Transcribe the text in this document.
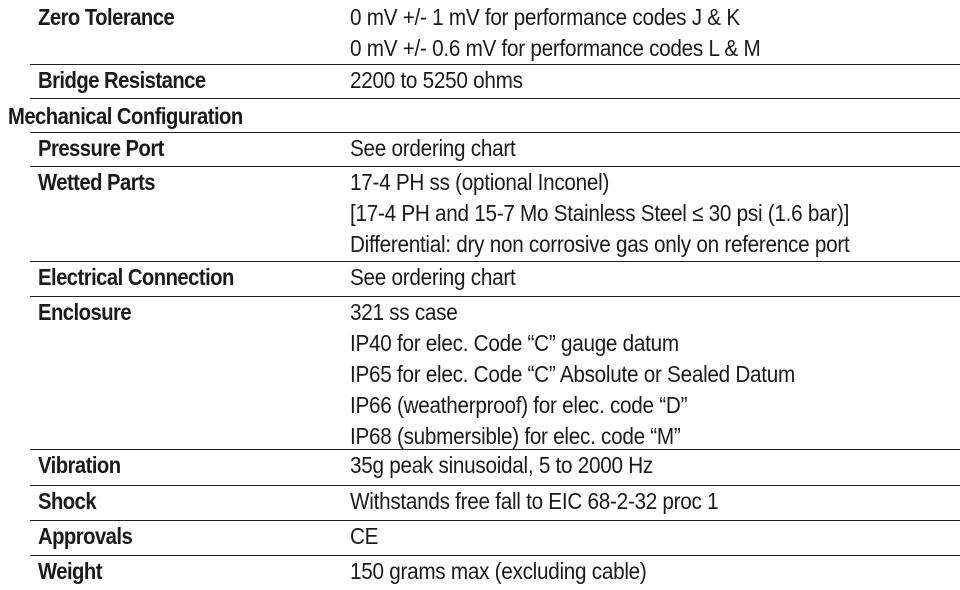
Zero Tolerance	0 mV +/- 1 mV for performance codes J & K
0 mV +/- 0.6 mV for performance codes L & M
Bridge Resistance	2200 to 5250 ohms
Mechanical Configuration
Pressure Port	See ordering chart
Wetted Parts	17-4 PH ss (optional Inconel)
[17-4 PH and 15-7 Mo Stainless Steel ≤ 30 psi (1.6 bar)]
Differential: dry non corrosive gas only on reference port
Electrical Connection	See ordering chart
Enclosure	321 ss case
IP40 for elec. Code “C” gauge datum
IP65 for elec. Code “C” Absolute or Sealed Datum
IP66 (weatherproof) for elec. code “D”
IP68 (submersible) for elec. code “M”
Vibration	35g peak sinusoidal, 5 to 2000 Hz
Shock	Withstands free fall to EIC 68-2-32 proc 1
Approvals	CE
Weight	150 grams max (excluding cable)
